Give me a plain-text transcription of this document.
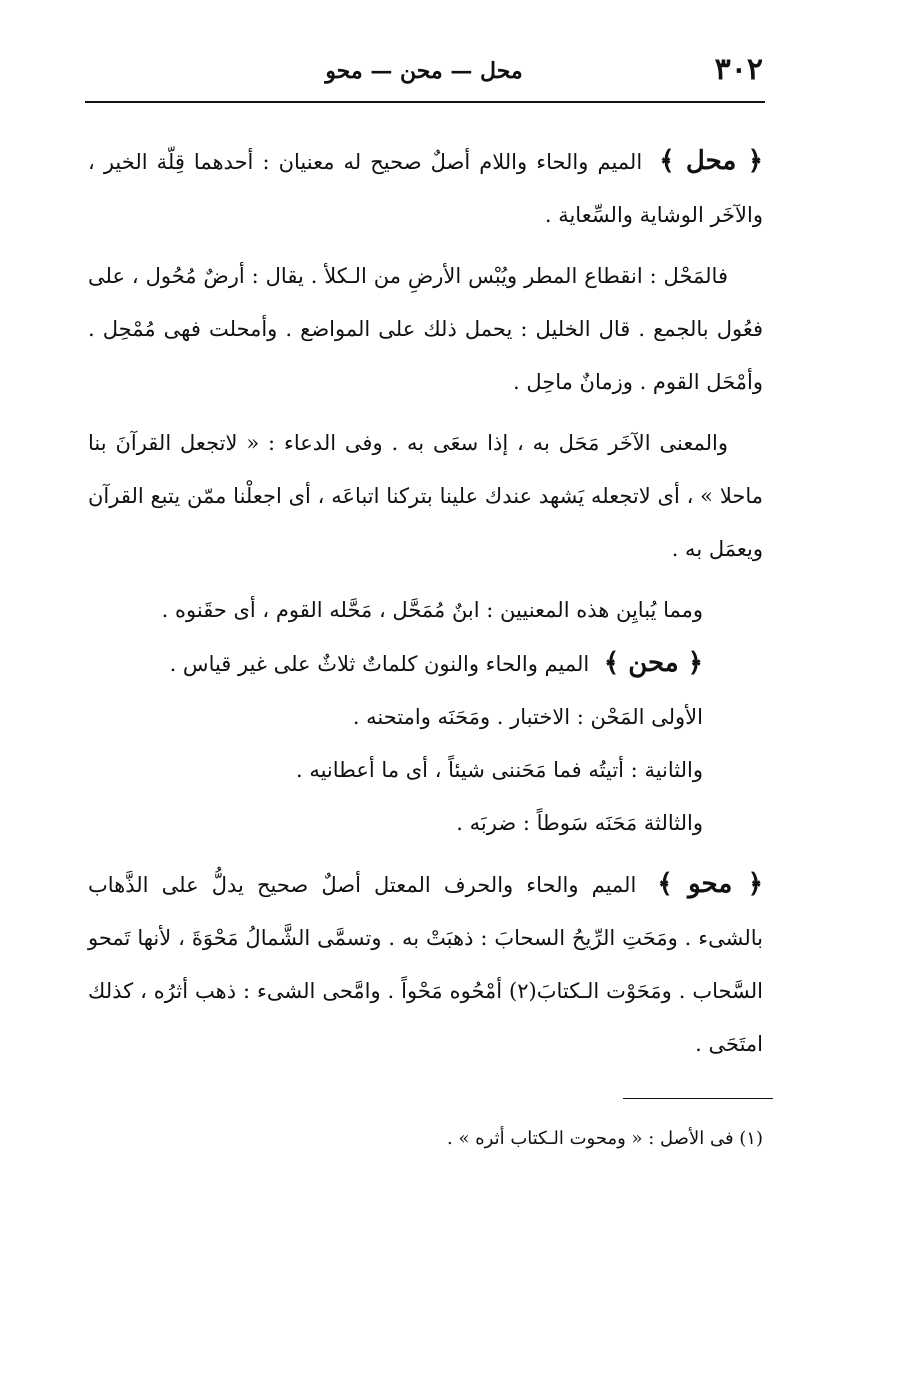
٣٠٢
محل — محن — محو

﴿ محل ﴾ الميم والحاء واللام أصلٌ صحيح له معنيان : أحدهما قِلّة الخير ، والآخَر الوشاية والسِّعاية .

فالمَحْل : انقطاع المطر ويُبْس الأرضِ من الـكلأ . يقال : أرضٌ مُحُول ، على فعُول بالجمع . قال الخليل : يحمل ذلك على المواضع . وأمحلت فهى مُمْحِل . وأمْحَل القوم . وزمانٌ ماحِل .

والمعنى الآخَر مَحَل به ، إذا سعَى به . وفى الدعاء : « لاتجعل القرآنَ بنا ماحلا » ، أى لاتجعله يَشهد عندك علينا بتركنا اتباعَه ، أى اجعلْنا ممّن يتبع القرآن ويعمَل به .

ومما يُبايِن هذه المعنيين : ابنٌ مُمَحَّل ، مَحَّله القوم ، أى حقَنوه .

﴿ محن ﴾ الميم والحاء والنون كلماتٌ ثلاثٌ على غير قياس .

الأولى المَحْن : الاختبار . ومَحَنَه وامتحنه .

والثانية : أتيتُه فما مَحَننى شيئاً ، أى ما أعطانيه .

والثالثة مَحَنَه سَوطاً : ضربَه .

﴿ محو ﴾ الميم والحاء والحرف المعتل أصلٌ صحيح يدلُّ على الذَّهاب بالشىء . ومَحَتِ الرِّيحُ السحابَ : ذهبَتْ به . وتسمَّى الشَّمالُ مَحْوَةَ ، لأنها تَمحو السَّحاب . ومَحَوْت الـكتابَ(٢) أمْحُوه مَحْواً . وامَّحى الشىء : ذهب أثرُه ، كذلك امتَحَى .

(١) فى الأصل : « ومحوت الـكتاب أثره » .
